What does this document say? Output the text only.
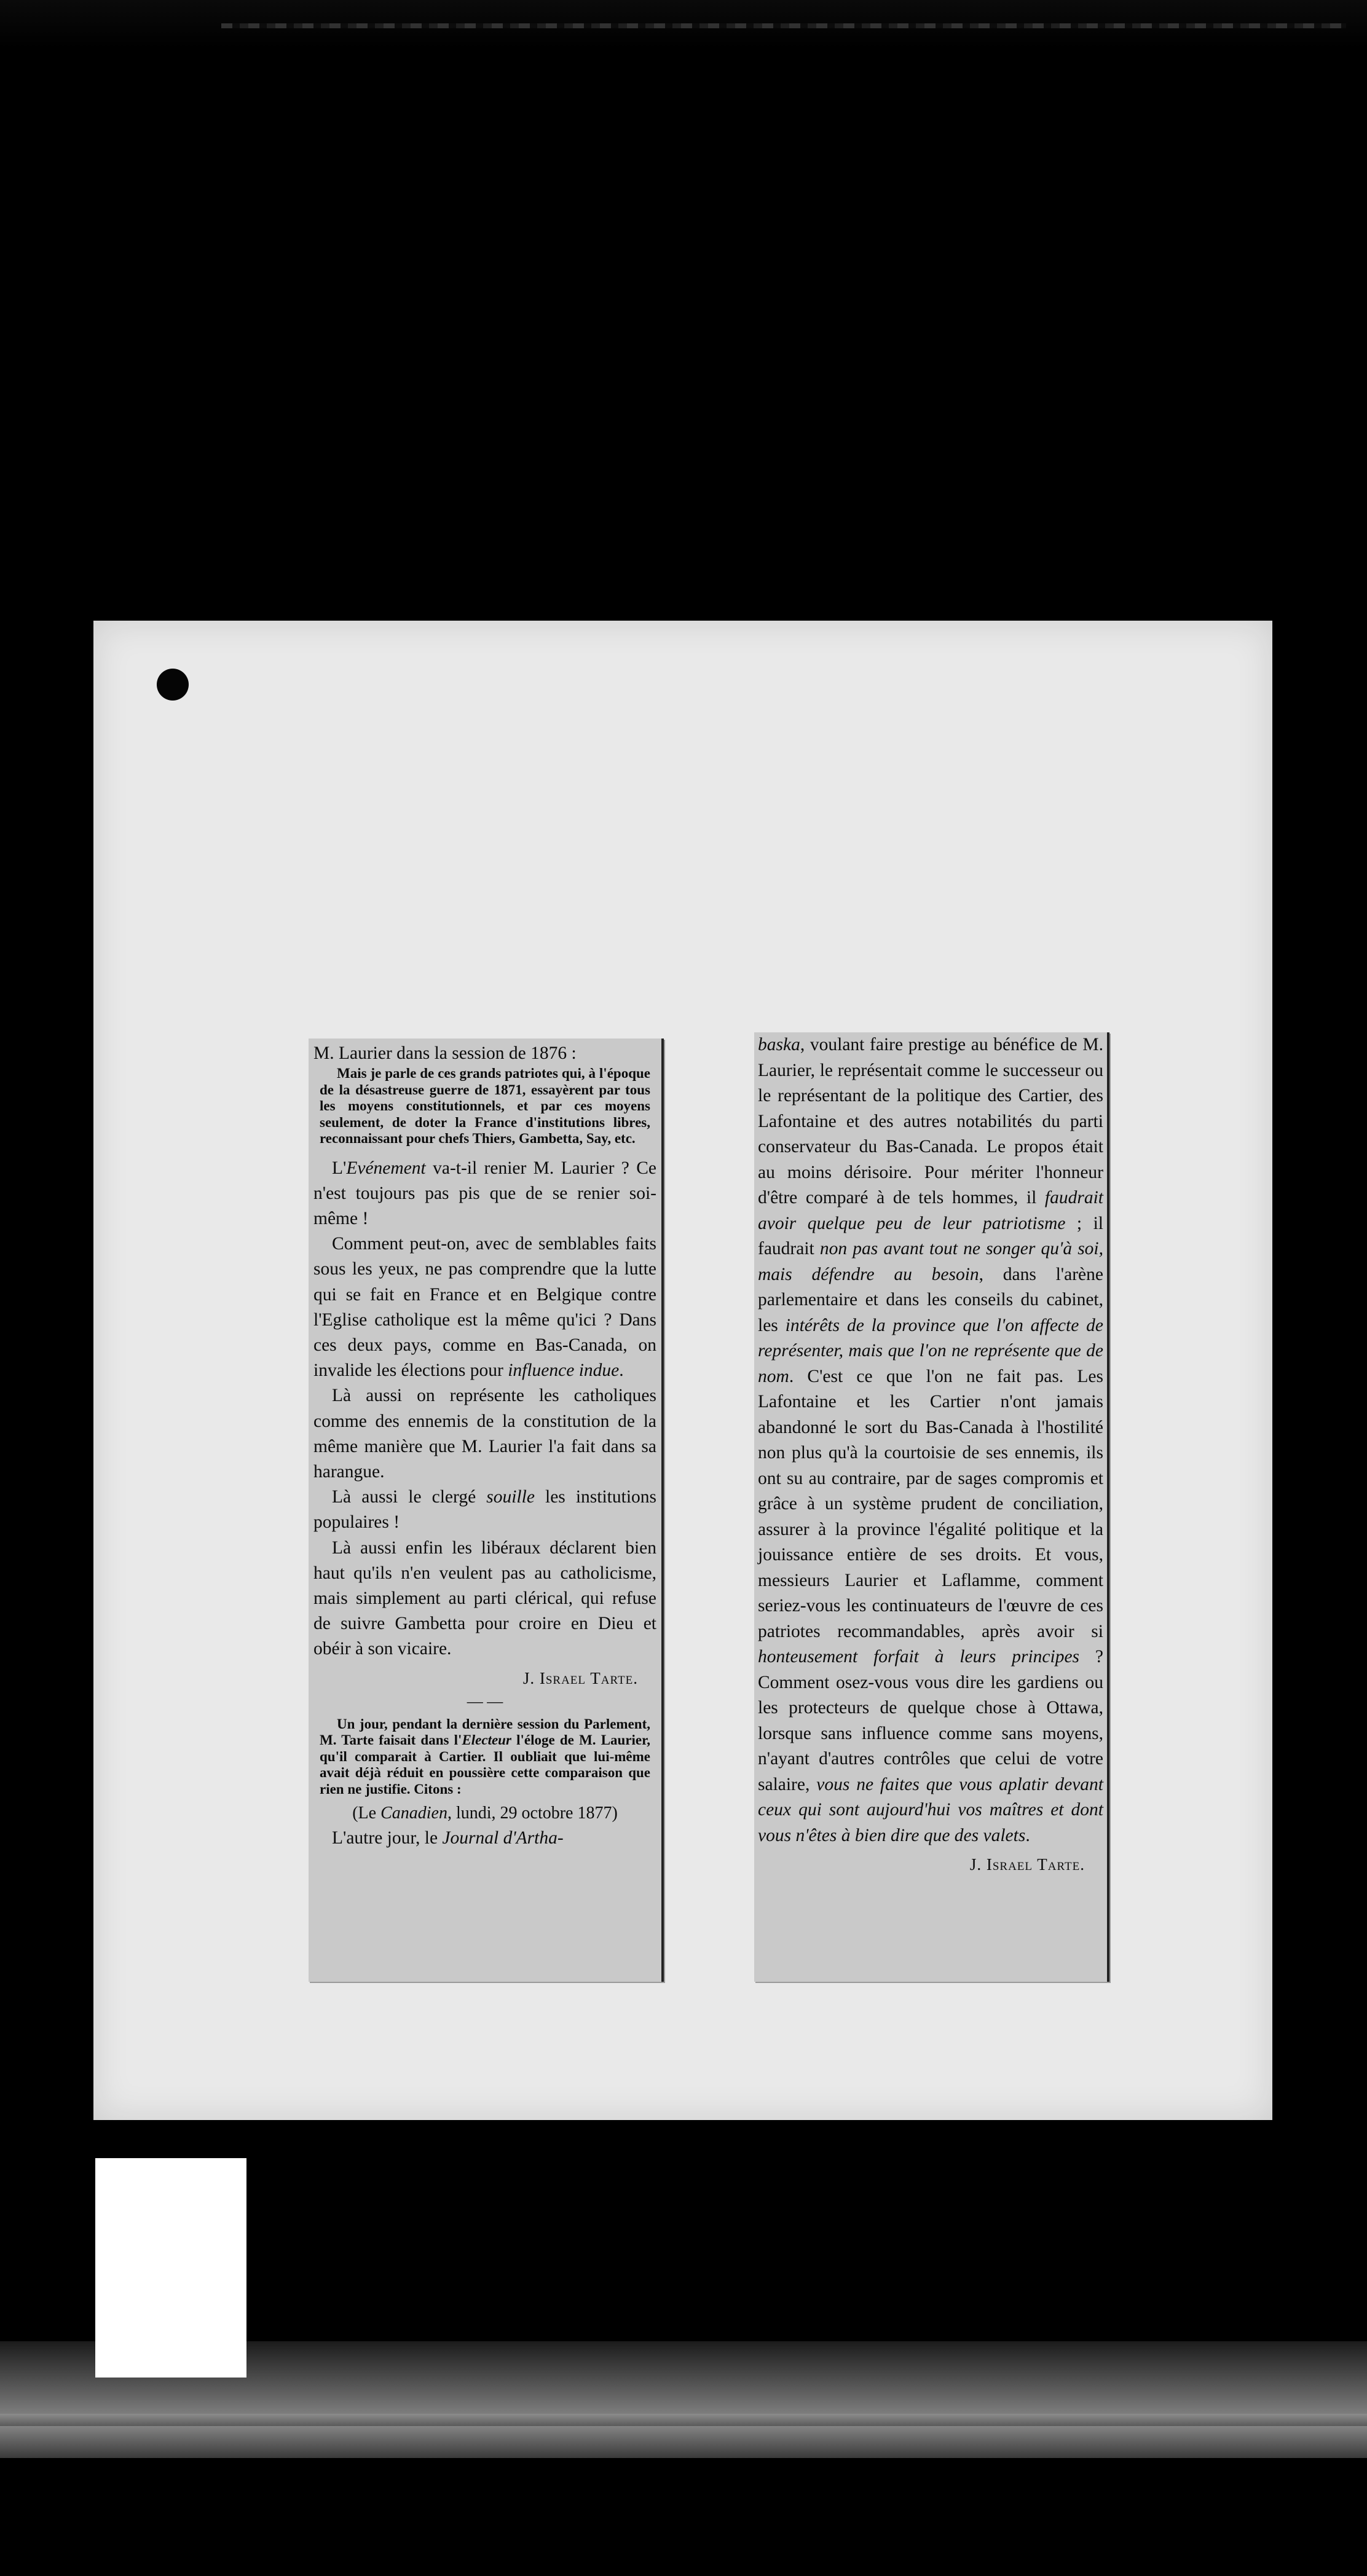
M. Laurier dans la session de 1876 :

Mais je parle de ces grands patriotes qui, à l'époque de la désastreuse guerre de 1871, essayèrent par tous les moyens constitutionnels, et par ces moyens seulement, de doter la France d'institutions libres, reconnaissant pour chefs Thiers, Gambetta, Say, etc.

L'Evénement va-t-il renier M. Laurier ? Ce n'est toujours pas pis que de se renier soi-même !

Comment peut-on, avec de semblables faits sous les yeux, ne pas comprendre que la lutte qui se fait en France et en Belgique contre l'Eglise catholique est la même qu'ici ? Dans ces deux pays, comme en Bas-Canada, on invalide les élections pour influence indue.

Là aussi on représente les catholiques comme des ennemis de la constitution de la même manière que M. Laurier l'a fait dans sa harangue.

Là aussi le clergé souille les institutions populaires !

Là aussi enfin les libéraux déclarent bien haut qu'ils n'en veulent pas au catholicisme, mais simplement au parti clérical, qui refuse de suivre Gambetta pour croire en Dieu et obéir à son vicaire.

J. Israel Tarte.

— —

Un jour, pendant la dernière session du Parlement, M. Tarte faisait dans l'Electeur l'éloge de M. Laurier, qu'il comparait à Cartier. Il oubliait que lui-même avait déjà réduit en poussière cette comparaison que rien ne justifie. Citons :

(Le Canadien, lundi, 29 octobre 1877)

L'autre jour, le Journal d'Artha-

baska, voulant faire prestige au bénéfice de M. Laurier, le représentait comme le successeur ou le représentant de la politique des Cartier, des Lafontaine et des autres notabilités du parti conservateur du Bas-Canada. Le propos était au moins dérisoire. Pour mériter l'honneur d'être comparé à de tels hommes, il faudrait avoir quelque peu de leur patriotisme ; il faudrait non pas avant tout ne songer qu'à soi, mais défendre au besoin, dans l'arène parlementaire et dans les conseils du cabinet, les intérêts de la province que l'on affecte de représenter, mais que l'on ne représente que de nom. C'est ce que l'on ne fait pas. Les Lafontaine et les Cartier n'ont jamais abandonné le sort du Bas-Canada à l'hostilité non plus qu'à la courtoisie de ses ennemis, ils ont su au contraire, par de sages compromis et grâce à un système prudent de conciliation, assurer à la province l'égalité politique et la jouissance entière de ses droits. Et vous, messieurs Laurier et Laflamme, comment seriez-vous les continuateurs de l'œuvre de ces patriotes recommandables, après avoir si honteusement forfait à leurs principes ? Comment osez-vous vous dire les gardiens ou les protecteurs de quelque chose à Ottawa, lorsque sans influence comme sans moyens, n'ayant d'autres contrôles que celui de votre salaire, vous ne faites que vous aplatir devant ceux qui sont aujourd'hui vos maîtres et dont vous n'êtes à bien dire que des valets.

J. Israel Tarte.
